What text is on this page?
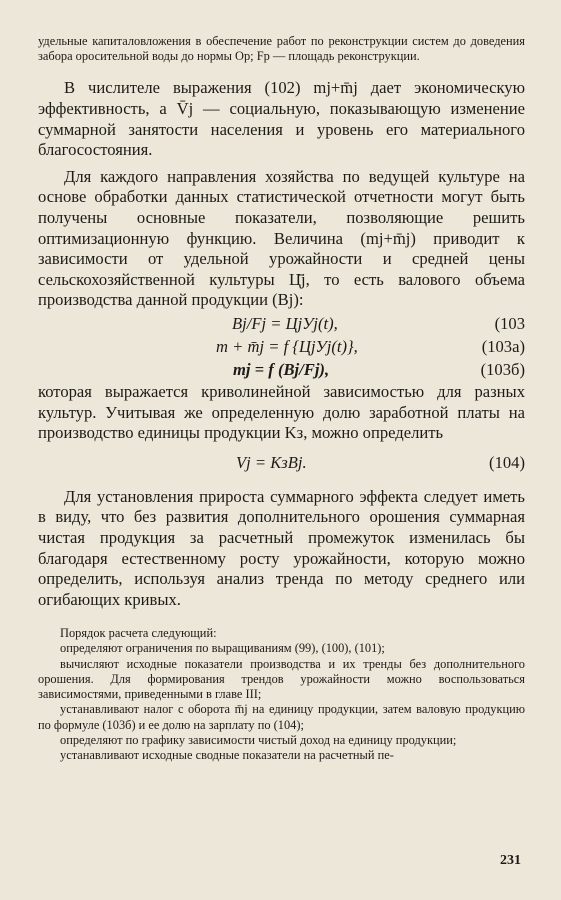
удельные капиталовложения в обеспечение работ по реконструкции систем до доведения забора оросительной воды до нормы Oр; Fр — площадь реконструкции.

В числителе выражения (102) mj+m̄j дает экономическую эффективность, а V̄j — социальную, показывающую изменение суммарной занятости населения и уровень его материального благосостояния.

Для каждого направления хозяйства по ведущей культуре на основе обработки данных статистической отчетности могут быть получены основные показатели, позволяющие решить оптимизационную функцию. Величина (mj+m̄j) приводит к зависимости от удельной урожайности и средней цены сельскохозяйственной культуры Ц̄j, то есть валового объема производства данной продукции (Bj):

Bj/Fj = ЦjУj(t),	(103
m + m̄j = f {ЦjУj(t)},	(103a)
mj = f (Bj/Fj),	(103б)

которая выражается криволинейной зависимостью для разных культур. Учитывая же определенную долю заработной платы на производство единицы продукции Kз, можно определить

Vj = KзBj.	(104)

Для установления прироста суммарного эффекта следует иметь в виду, что без развития дополнительного орошения суммарная чистая продукция за расчетный промежуток изменилась бы благодаря естественному росту урожайности, которую можно определить, используя анализ тренда по методу среднего или огибающих кривых.

Порядок расчета следующий:

определяют ограничения по выращиваниям (99), (100), (101);

вычисляют исходные показатели производства и их тренды без дополнительного орошения. Для формирования трендов урожайности можно воспользоваться зависимостями, приведенными в главе III;

устанавливают налог с оборота m̄j на единицу продукции, затем валовую продукцию по формуле (103б) и ее долю на зарплату по (104);

определяют по графику зависимости чистый доход на единицу продукции;

устанавливают исходные сводные показатели на расчетный пе-

231
